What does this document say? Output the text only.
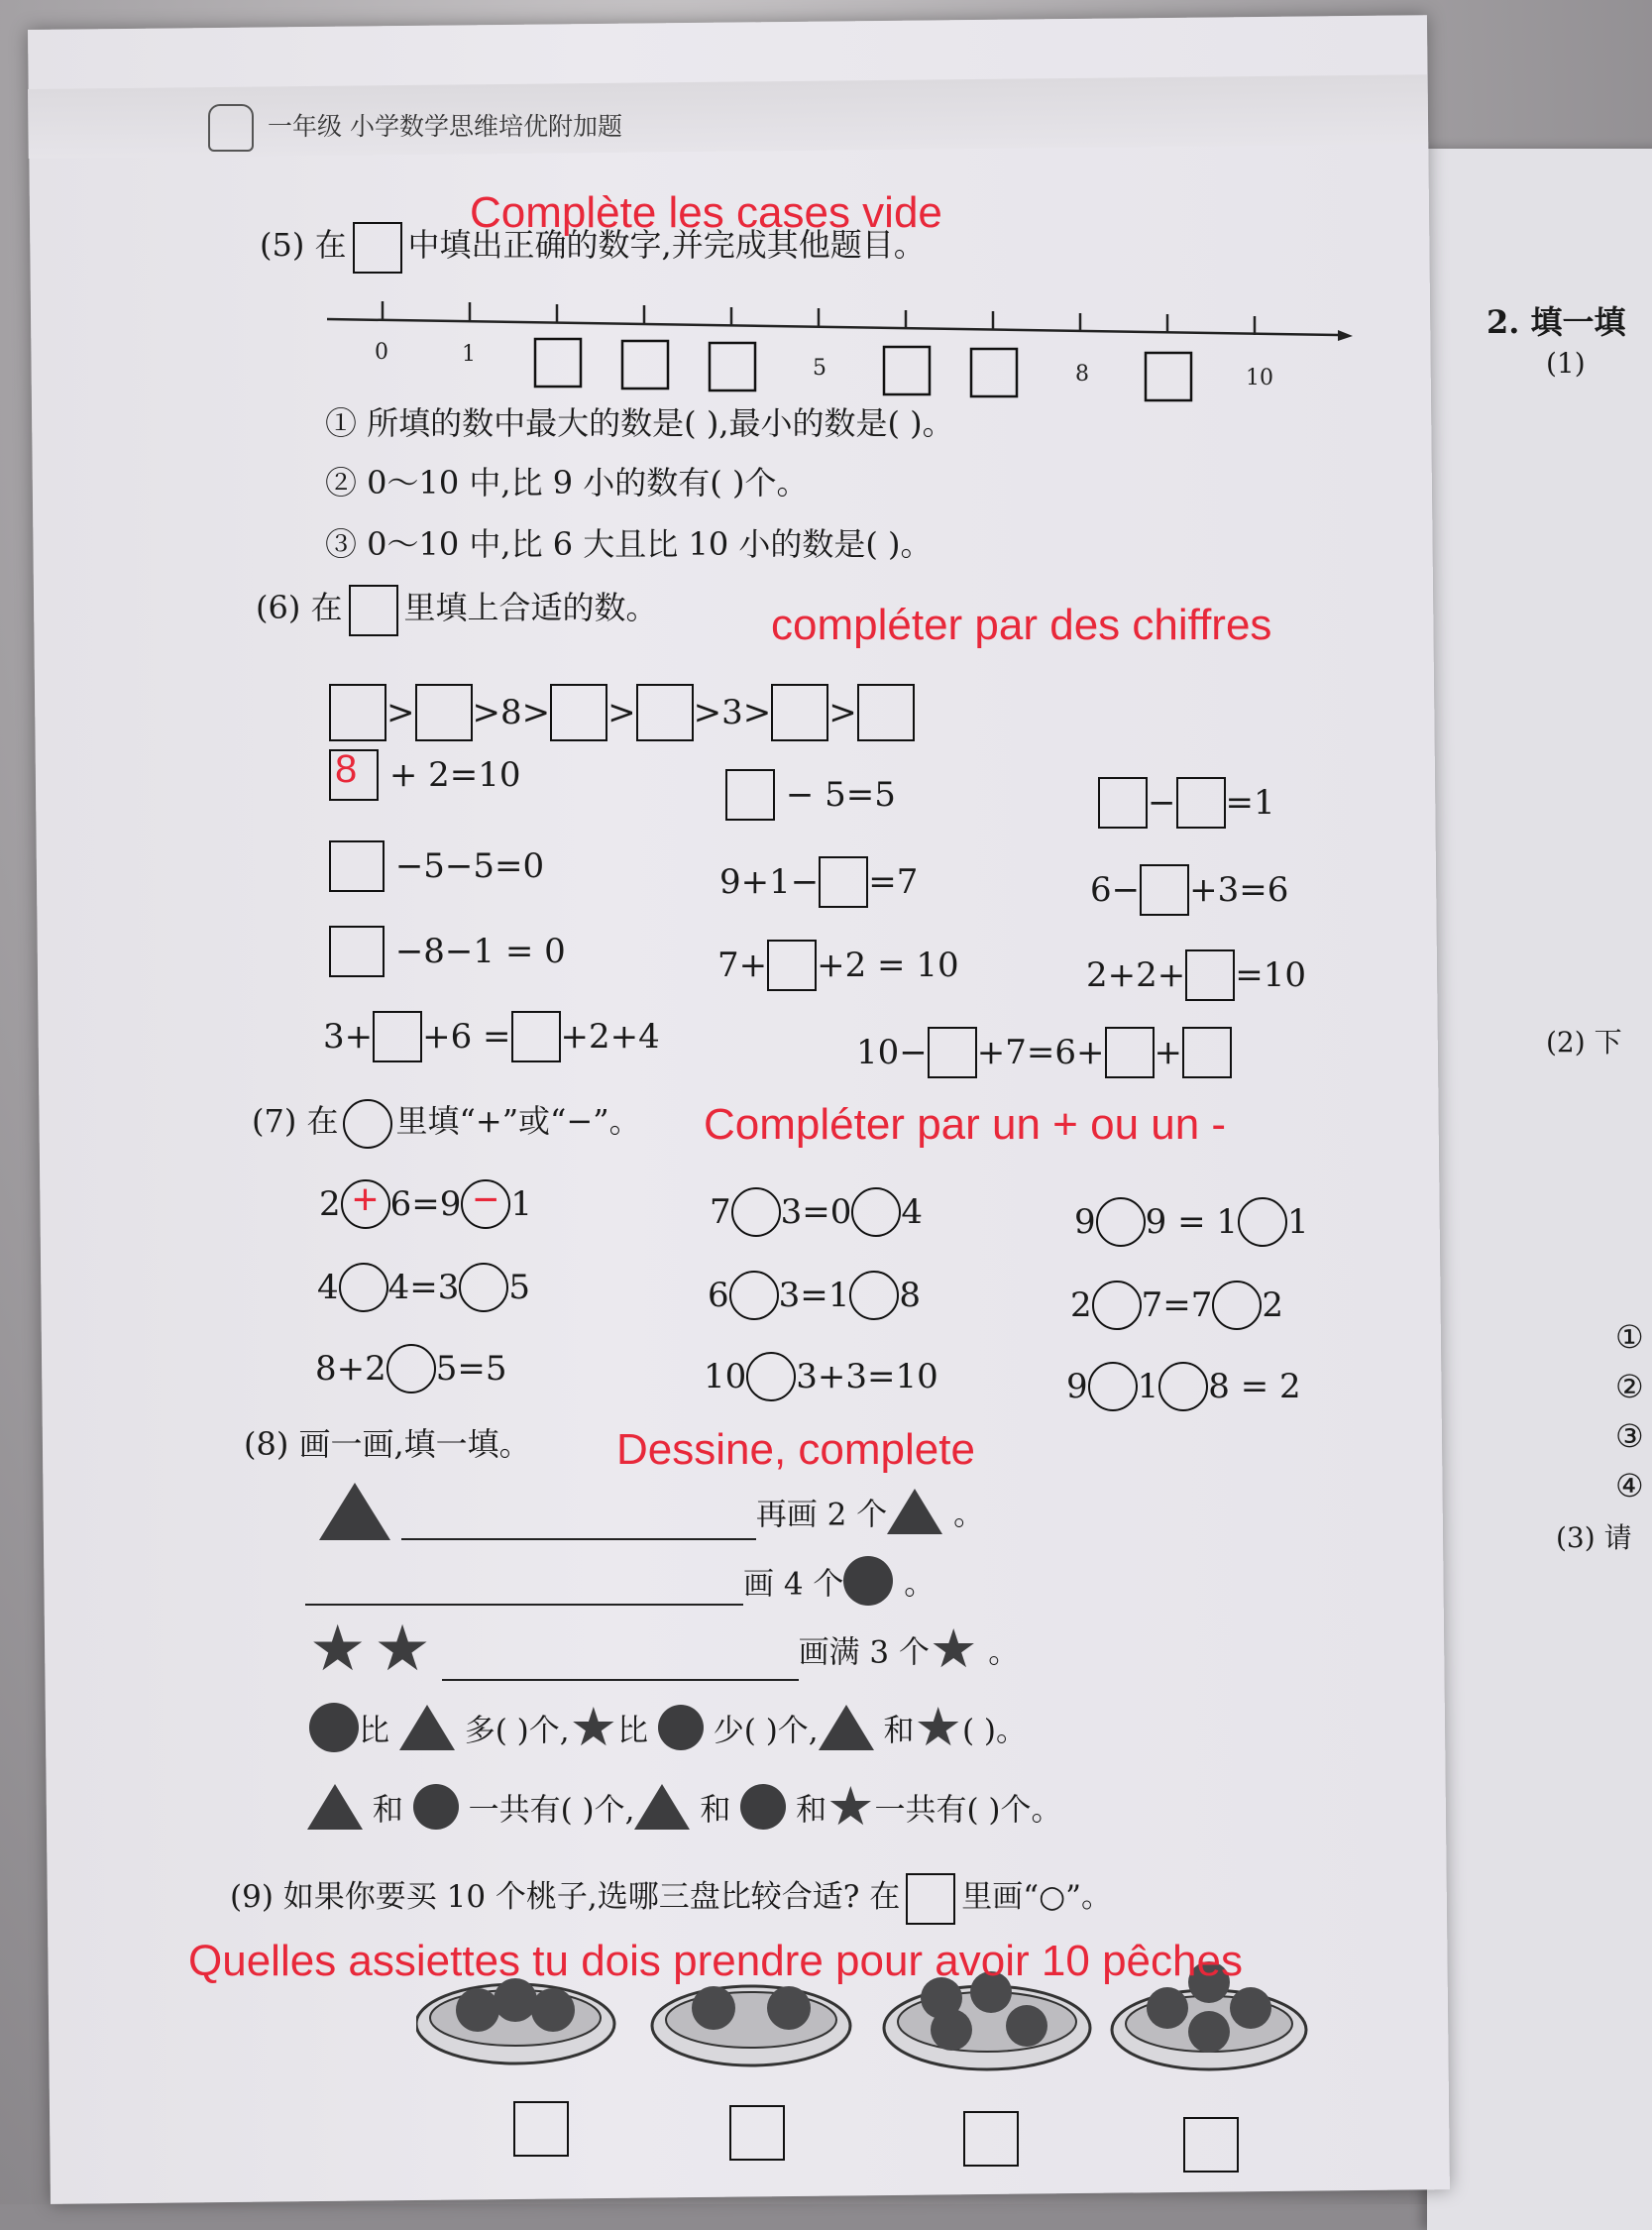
2. 填一填
(1)
(2) 下
①
②
③
④
(3) 请
一年级 小学数学思维培优附加题
Complète les cases vide
(5) 在 中填出正确的数字,并完成其他题目。
0	1
5	8	10
① 所填的数中最大的数是( ),最小的数是( )。
② 0～10 中,比 9 小的数有( )个。
③ 0～10 中,比 6 大且比 10 小的数是( )。
(6) 在 里填上合适的数。	compléter par des chiffres
> >8> > >3> >
8 + 2=10	− 5=5	− =1
−5−5=0	9+1− =7	6− +3=6
−8−1 = 0	7+ +2 = 10	2+2+ =10
3+ +6 = +2+4	10− +7=6+ +
(7) 在 里填“+”或“−”。 Compléter par un + ou un -
2 + 6=9 − 1	7 3=0 4	9 9 = 1 1
4 4=3 5	6 3=1 8	2 7=7 2
8+2 5=5	10 3+3=10	9 1 8 = 2
(8) 画一画,填一填。 Dessine, complete
再画 2 个 。
画 4 个 。
★ ★	画满 3 个★ 。
比 多( )个,★比 少( )个, 和★( )。
和 一共有( )个, 和 和★一共有( )个。
(9) 如果你要买 10 个桃子,选哪三盘比较合适? 在 里画“○”。
Quelles assiettes tu dois prendre pour avoir 10 pêches
